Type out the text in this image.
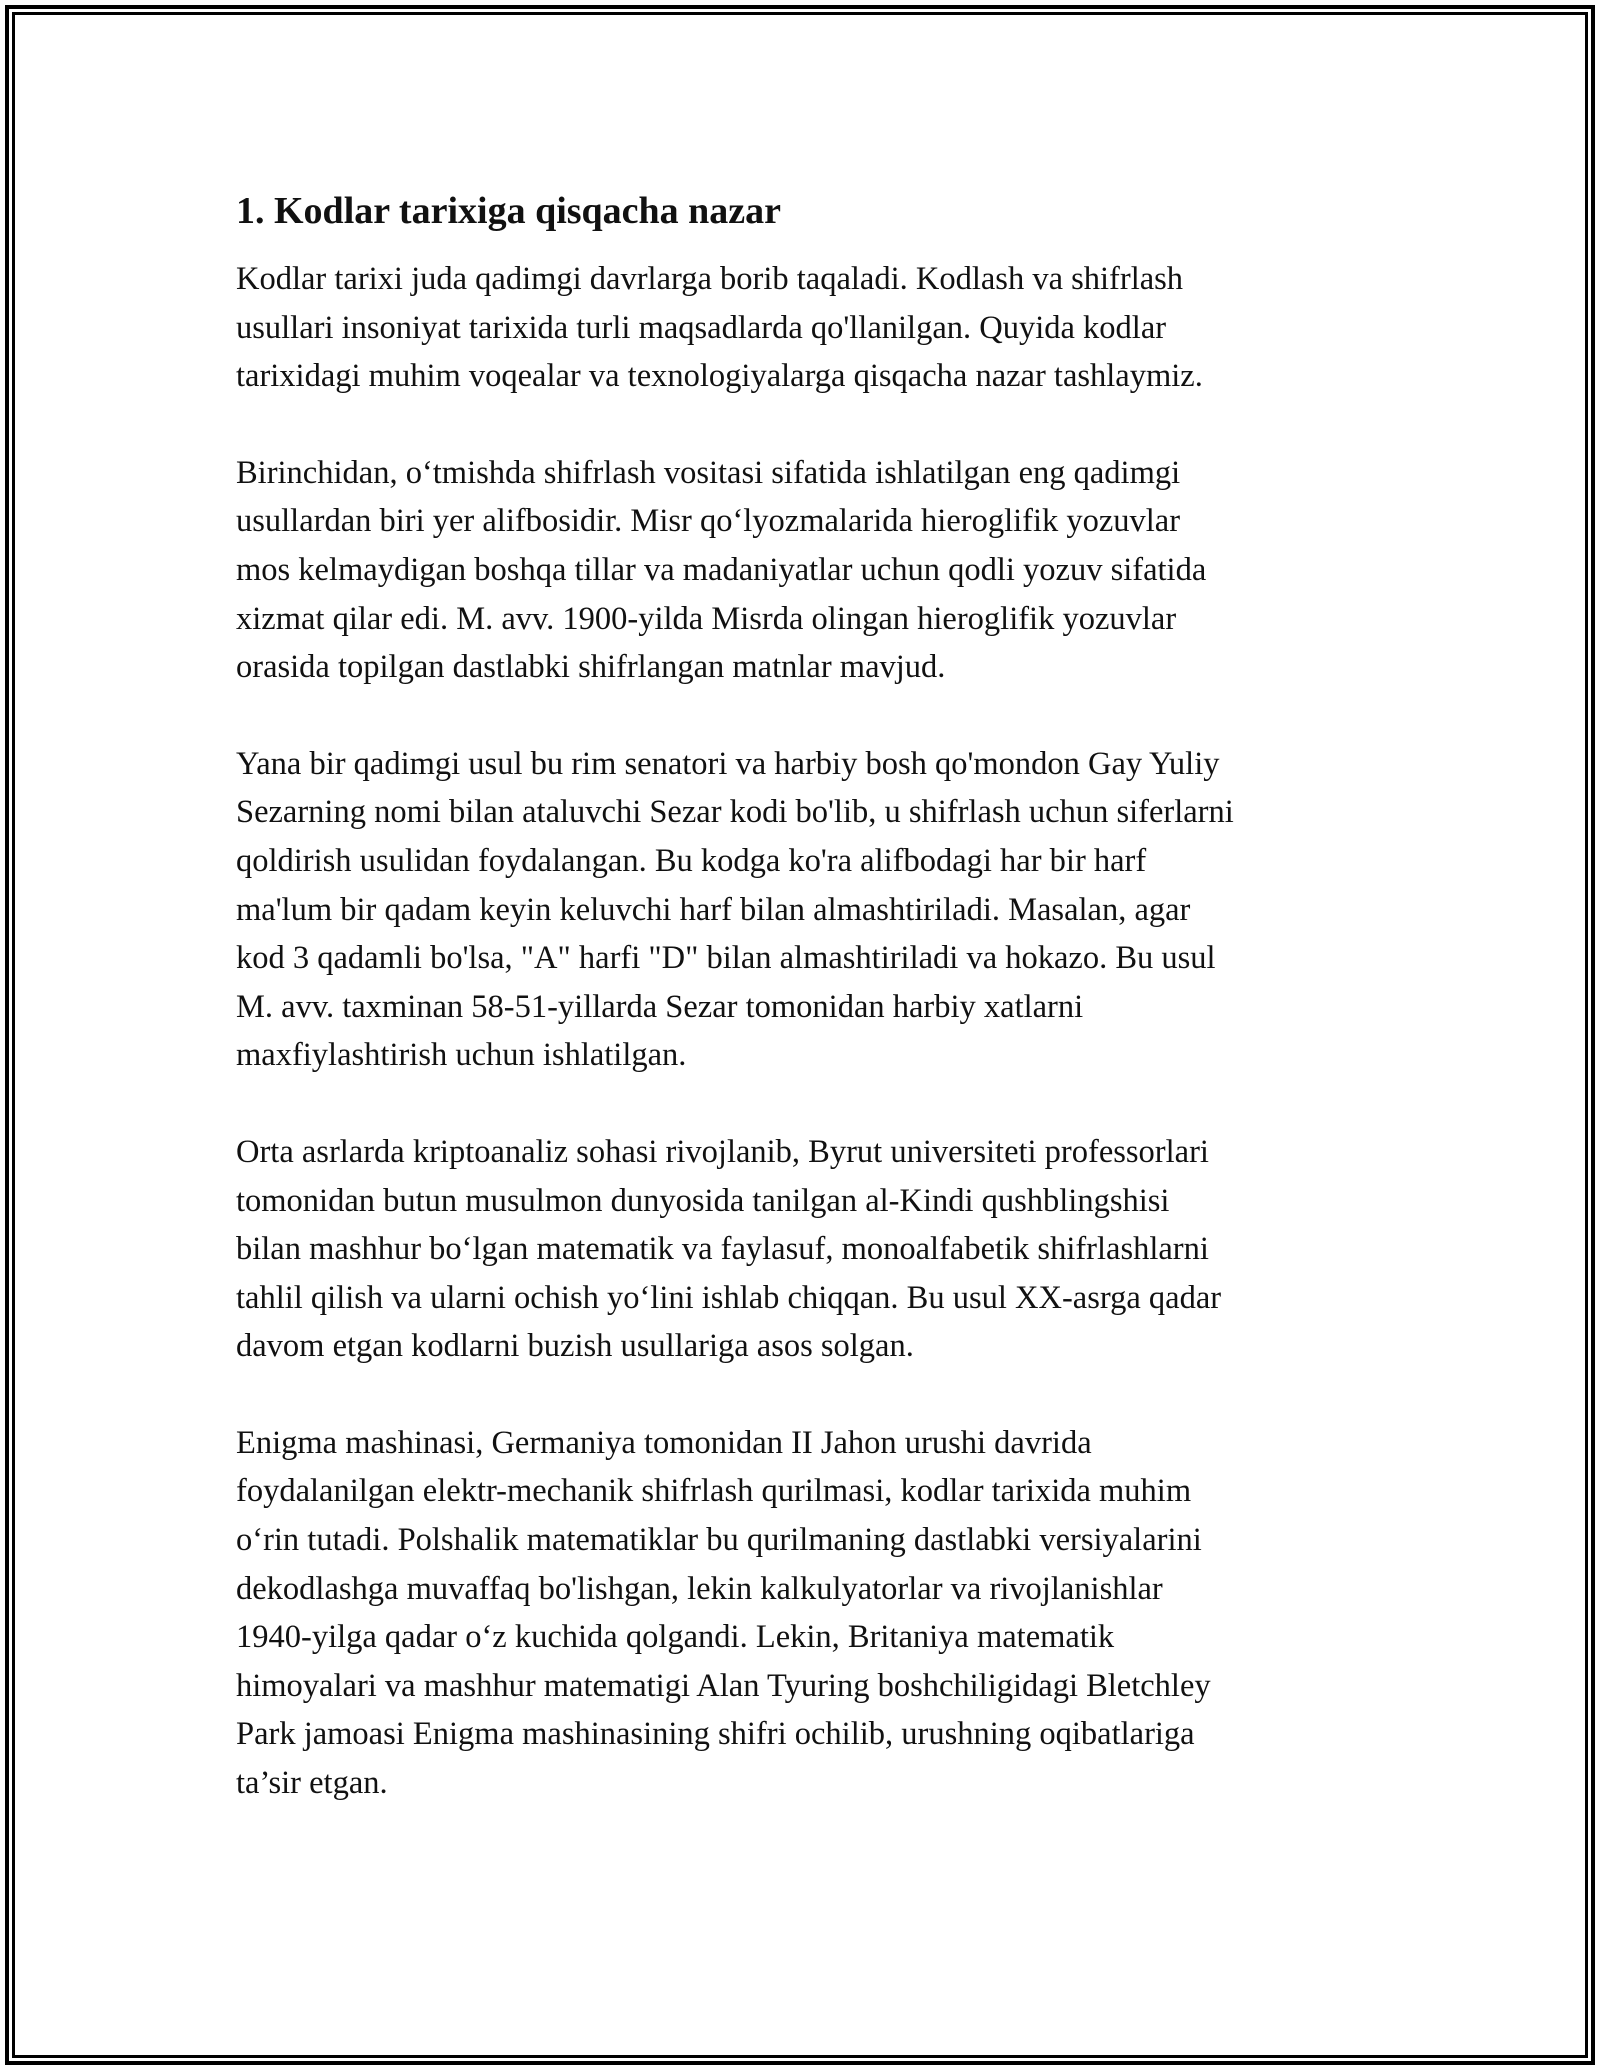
1. Kodlar tarixiga qisqacha nazar

Kodlar tarixi juda qadimgi davrlarga borib taqaladi. Kodlash va shifrlash
usullari insoniyat tarixida turli maqsadlarda qo'llanilgan. Quyida kodlar
tarixidagi muhim voqealar va texnologiyalarga qisqacha nazar tashlaymiz.

Birinchidan, o‘tmishda shifrlash vositasi sifatida ishlatilgan eng qadimgi
usullardan biri yer alifbosidir. Misr qo‘lyozmalarida hieroglifik yozuvlar
mos kelmaydigan boshqa tillar va madaniyatlar uchun qodli yozuv sifatida
xizmat qilar edi. M. avv. 1900-yilda Misrda olingan hieroglifik yozuvlar
orasida topilgan dastlabki shifrlangan matnlar mavjud.

Yana bir qadimgi usul bu rim senatori va harbiy bosh qo'mondon Gay Yuliy
Sezarning nomi bilan ataluvchi Sezar kodi bo'lib, u shifrlash uchun siferlarni
qoldirish usulidan foydalangan. Bu kodga ko'ra alifbodagi har bir harf
ma'lum bir qadam keyin keluvchi harf bilan almashtiriladi. Masalan, agar
kod 3 qadamli bo'lsa, "A" harfi "D" bilan almashtiriladi va hokazo. Bu usul
M. avv. taxminan 58-51-yillarda Sezar tomonidan harbiy xatlarni
maxfiylashtirish uchun ishlatilgan.

Orta asrlarda kriptoanaliz sohasi rivojlanib, Byrut universiteti professorlari
tomonidan butun musulmon dunyosida tanilgan al-Kindi qushblingshisi
bilan mashhur bo‘lgan matematik va faylasuf, monoalfabetik shifrlashlarni
tahlil qilish va ularni ochish yo‘lini ishlab chiqqan. Bu usul XX-asrga qadar
davom etgan kodlarni buzish usullariga asos solgan.

Enigma mashinasi, Germaniya tomonidan II Jahon urushi davrida
foydalanilgan elektr-mechanik shifrlash qurilmasi, kodlar tarixida muhim
o‘rin tutadi. Polshalik matematiklar bu qurilmaning dastlabki versiyalarini
dekodlashga muvaffaq bo'lishgan, lekin kalkulyatorlar va rivojlanishlar
1940-yilga qadar o‘z kuchida qolgandi. Lekin, Britaniya matematik
himoyalari va mashhur matematigi Alan Tyuring boshchiligidagi Bletchley
Park jamoasi Enigma mashinasining shifri ochilib, urushning oqibatlariga
ta’sir etgan.
